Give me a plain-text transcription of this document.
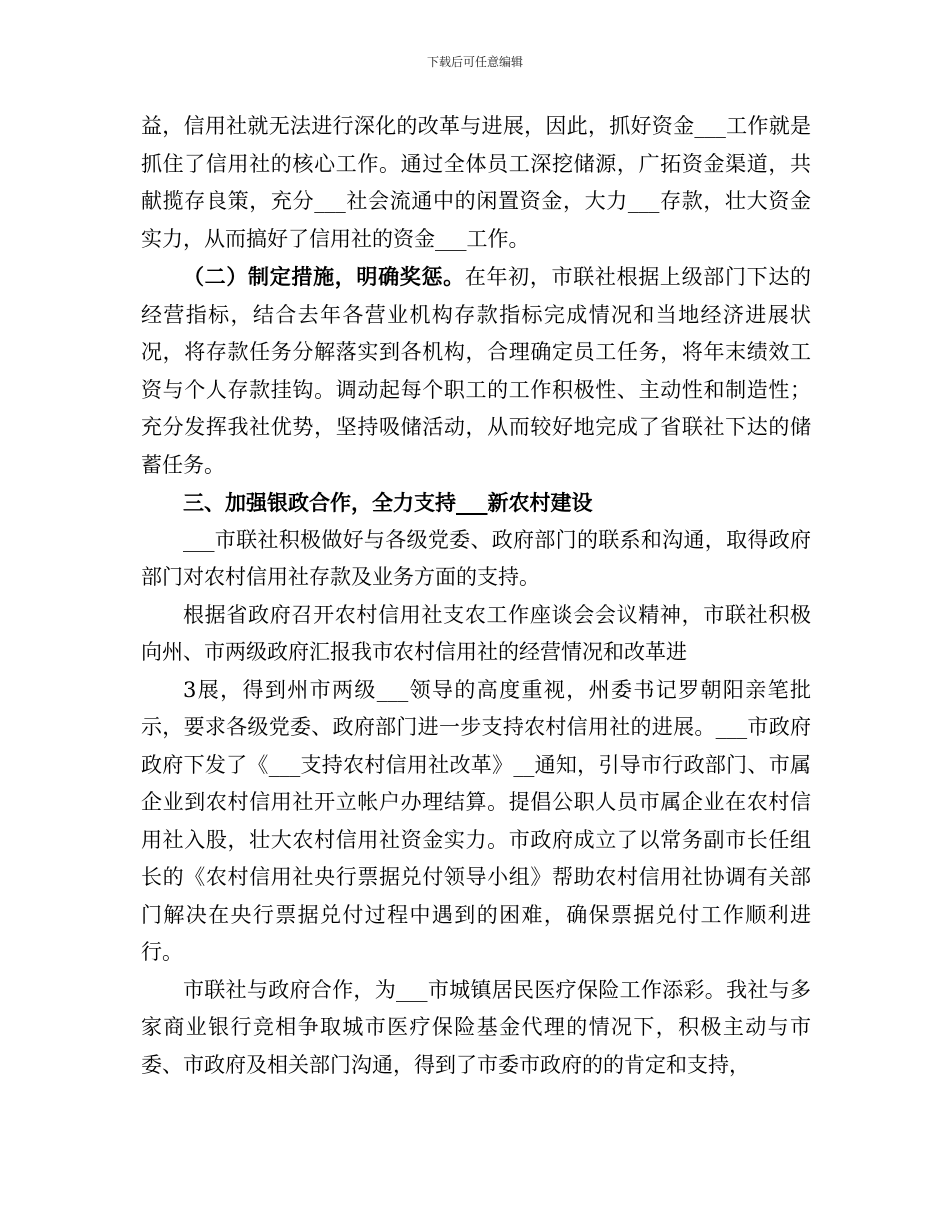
下载后可任意编辑

益，信用社就无法进行深化的改革与进展，因此，抓好资金___工作就是抓住了信用社的核心工作。通过全体员工深挖储源，广拓资金渠道，共献揽存良策，充分___社会流通中的闲置资金，大力___存款，壮大资金实力，从而搞好了信用社的资金___工作。

（二）制定措施，明确奖惩。在年初，市联社根据上级部门下达的经营指标，结合去年各营业机构存款指标完成情况和当地经济进展状况，将存款任务分解落实到各机构，合理确定员工任务，将年末绩效工资与个人存款挂钩。调动起每个职工的工作积极性、主动性和制造性；充分发挥我社优势，坚持吸储活动，从而较好地完成了省联社下达的储蓄任务。

三、加强银政合作，全力支持___新农村建设

___市联社积极做好与各级党委、政府部门的联系和沟通，取得政府部门对农村信用社存款及业务方面的支持。

根据省政府召开农村信用社支农工作座谈会会议精神，市联社积极向州、市两级政府汇报我市农村信用社的经营情况和改革进

3展，得到州市两级___领导的高度重视，州委书记罗朝阳亲笔批示，要求各级党委、政府部门进一步支持农村信用社的进展。___市政府政府下发了《___支持农村信用社改革》__通知，引导市行政部门、市属企业到农村信用社开立帐户办理结算。提倡公职人员市属企业在农村信用社入股，壮大农村信用社资金实力。市政府成立了以常务副市长任组长的《农村信用社央行票据兑付领导小组》帮助农村信用社协调有关部门解决在央行票据兑付过程中遇到的困难，确保票据兑付工作顺利进行。

市联社与政府合作，为___市城镇居民医疗保险工作添彩。我社与多家商业银行竞相争取城市医疗保险基金代理的情况下，积极主动与市委、市政府及相关部门沟通，得到了市委市政府的的肯定和支持，
